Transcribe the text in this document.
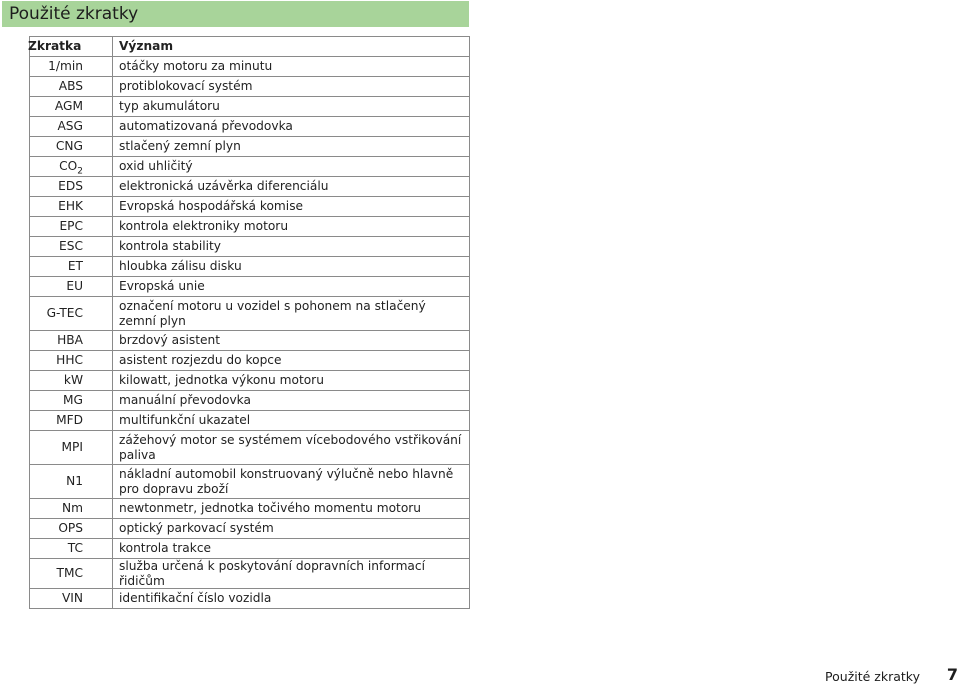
Použité zkratky
Zkratka	Význam
1/min	otáčky motoru za minutu
ABS	protiblokovací systém
AGM	typ akumulátoru
ASG	automatizovaná převodovka
CNG	stlačený zemní plyn
$CO_2$	oxid uhličitý
EDS	elektronická uzávěrka diferenciálu
EHK	Evropská hospodářská komise
EPC	kontrola elektroniky motoru
ESC	kontrola stability
ET	hloubka zálisu disku
EU	Evropská unie
G-TEC	označení motoru u vozidel s pohonem na stlačený zemní plyn
HBA	brzdový asistent
HHC	asistent rozjezdu do kopce
kW	kilowatt, jednotka výkonu motoru
MG	manuální převodovka
MFD	multifunkční ukazatel
MPI	zážehový motor se systémem vícebodového vstřikování paliva
N1	nákladní automobil konstruovaný výlučně nebo hlavně pro dopravu zboží
Nm	newtonmetr, jednotka točivého momentu motoru
OPS	optický parkovací systém
TC	kontrola trakce
TMC	služba určená k poskytování dopravních informací řidičům
VIN	identifikační číslo vozidla
Použité zkratky 7
